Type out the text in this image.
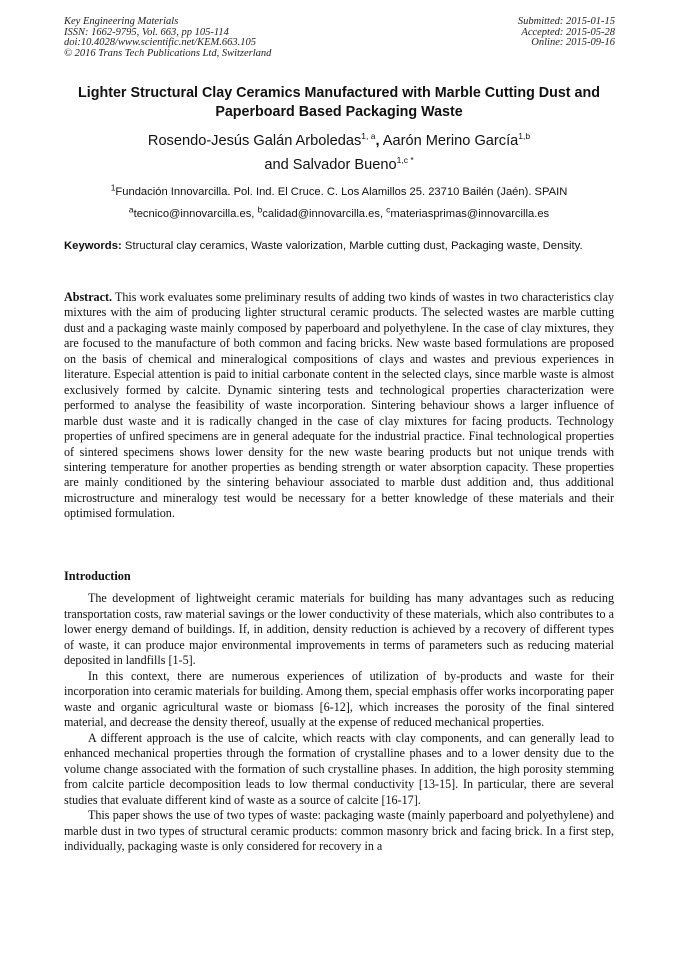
Key Engineering Materials
ISSN: 1662-9795, Vol. 663, pp 105-114
doi:10.4028/www.scientific.net/KEM.663.105
© 2016 Trans Tech Publications Ltd, Switzerland
Submitted: 2015-01-15
Accepted: 2015-05-28
Online: 2015-09-16
Lighter Structural Clay Ceramics Manufactured with Marble Cutting Dust and Paperboard Based Packaging Waste
Rosendo-Jesús Galán Arboledas$^{1, a}$, Aarón Merino García$^{1,b}$
and Salvador Bueno$^{1,c *}$
$^1$Fundación Innovarcilla. Pol. Ind. El Cruce. C. Los Alamillos 25. 23710 Bailén (Jaén). SPAIN
$^a$tecnico@innovarcilla.es, $^b$calidad@innovarcilla.es, $^c$materiasprimas@innovarcilla.es
Keywords: Structural clay ceramics, Waste valorization, Marble cutting dust, Packaging waste, Density.
Abstract. This work evaluates some preliminary results of adding two kinds of wastes in two characteristics clay mixtures with the aim of producing lighter structural ceramic products. The selected wastes are marble cutting dust and a packaging waste mainly composed by paperboard and polyethylene. In the case of clay mixtures, they are focused to the manufacture of both common and facing bricks. New waste based formulations are proposed on the basis of chemical and mineralogical compositions of clays and wastes and previous experiences in literature. Especial attention is paid to initial carbonate content in the selected clays, since marble waste is almost exclusively formed by calcite. Dynamic sintering tests and technological properties characterization were performed to analyse the feasibility of waste incorporation. Sintering behaviour shows a larger influence of marble dust waste and it is radically changed in the case of clay mixtures for facing products. Technology properties of unfired specimens are in general adequate for the industrial practice. Final technological properties of sintered specimens shows lower density for the new waste bearing products but not unique trends with sintering temperature for another properties as bending strength or water absorption capacity. These properties are mainly conditioned by the sintering behaviour associated to marble dust addition and, thus additional microstructure and mineralogy test would be necessary for a better knowledge of these materials and their optimised formulation.
Introduction

The development of lightweight ceramic materials for building has many advantages such as reducing transportation costs, raw material savings or the lower conductivity of these materials, which also contributes to a lower energy demand of buildings. If, in addition, density reduction is achieved by a recovery of different types of waste, it can produce major environmental improvements in terms of parameters such as reducing material deposited in landfills [1-5].

In this context, there are numerous experiences of utilization of by-products and waste for their incorporation into ceramic materials for building. Among them, special emphasis offer works incorporating paper waste and organic agricultural waste or biomass [6-12], which increases the porosity of the final sintered material, and decrease the density thereof, usually at the expense of reduced mechanical properties.

A different approach is the use of calcite, which reacts with clay components, and can generally lead to enhanced mechanical properties through the formation of crystalline phases and to a lower density due to the volume change associated with the formation of such crystalline phases. In addition, the high porosity stemming from calcite particle decomposition leads to low thermal conductivity [13-15]. In particular, there are several studies that evaluate different kind of waste as a source of calcite [16-17].

This paper shows the use of two types of waste: packaging waste (mainly paperboard and polyethylene) and marble dust in two types of structural ceramic products: common masonry brick and facing brick. In a first step, individually, packaging waste is only considered for recovery in a
